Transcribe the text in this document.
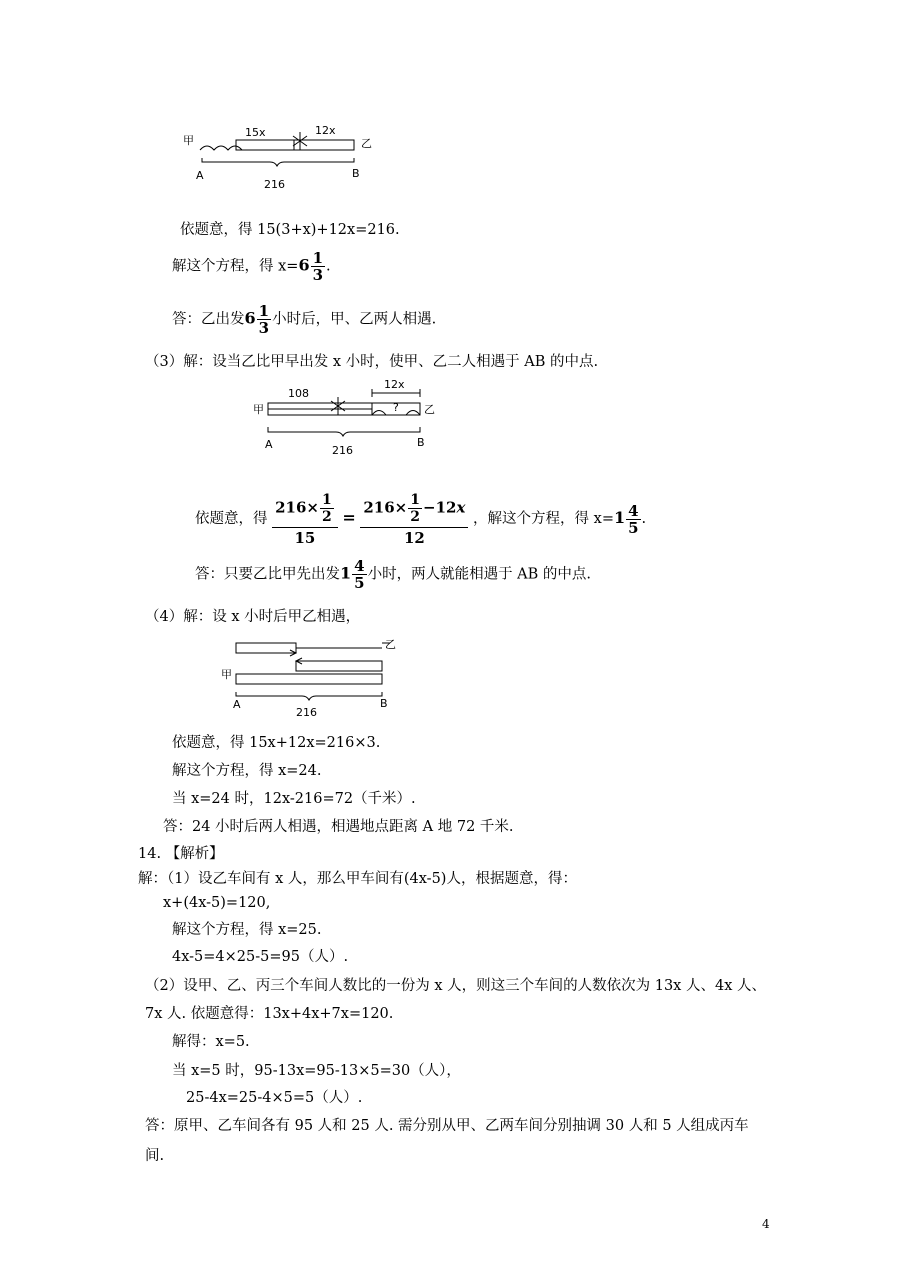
甲
15x	12x
乙
A	B
216
依题意，得 15(3+x)+12x=216.
解这个方程，得 $x=6 \frac{1}{3}$ .
答：乙出发$6 \frac{1}{3}$ 小时后，甲、乙两人相遇.
（3）解：设当乙比甲早出发 x 小时，使甲、乙二人相遇于 AB 的中点.
甲
108
12x
? 乙
A	B
216
依题意，得 $\frac{216\times \frac{1}{2}}{15} = \frac{216\times \frac{1}{2} -12x}{12}$ ，解这个方程，得 $x=1 \frac{4}{5}$ .
答：只要乙比甲先出发$1 \frac{4}{5}$ 小时，两人就能相遇于 AB 的中点.
（4）解：设 x 小时后甲乙相遇，
乙
甲
A	B
216
依题意，得 15x+12x=216×3.
解这个方程，得 x=24.
当 x=24 时，12x-216=72（千米）.
答：24 小时后两人相遇，相遇地点距离 A 地 72 千米.
14. 【解析】
解：（1）设乙车间有 x 人，那么甲车间有(4x-5)人，根据题意，得：
x+(4x-5)=120,
解这个方程，得 x=25.
4x-5=4×25-5=95（人）.
（2）设甲、乙、丙三个车间人数比的一份为 x 人，则这三个车间的人数依次为 13x 人、4x 人、
7x 人. 依题意得：13x+4x+7x=120.
解得：x=5.
当 x=5 时，95-13x=95-13×5=30（人），
25-4x=25-4×5=5（人）.
答：原甲、乙车间各有 95 人和 25 人. 需分别从甲、乙两车间分别抽调 30 人和 5 人组成丙车
间.
4
